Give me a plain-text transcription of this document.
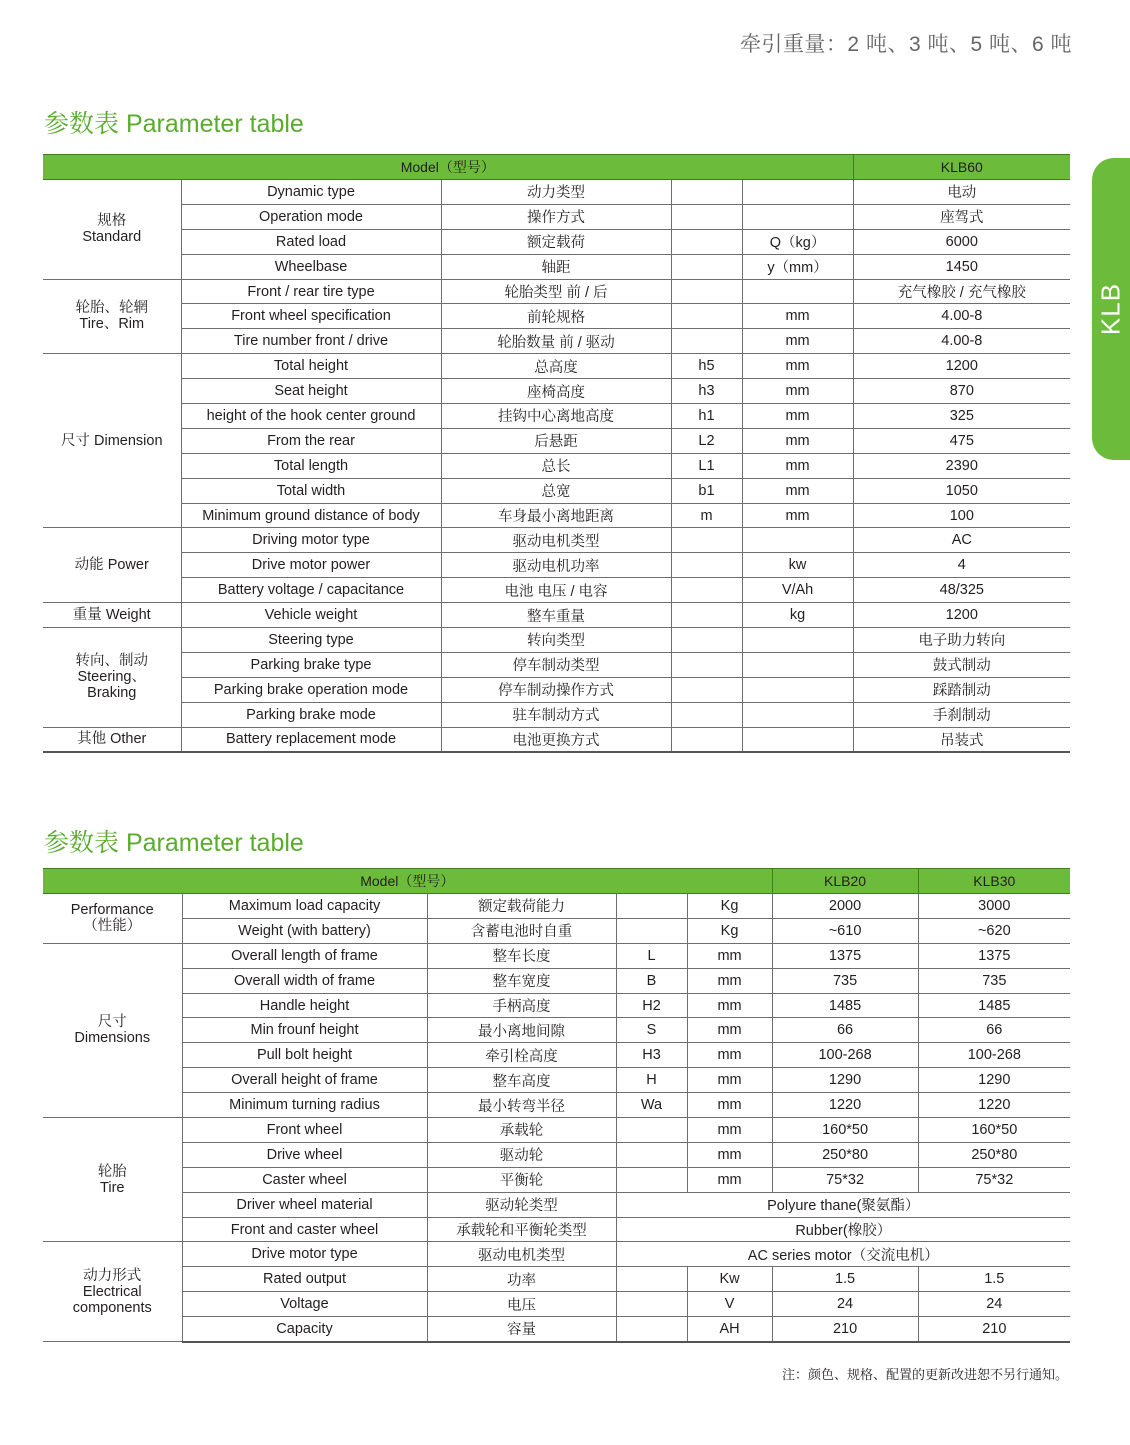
牵引重量：2 吨、3 吨、5 吨、6 吨
参数表 Parameter table
KLB
Model（型号）					KLB60

规格
Standard	Dynamic type	动力类型			电动
	Operation mode	操作方式			座驾式
	Rated load	额定载荷		Q（kg）	6000
	Wheelbase	轴距		y（mm）	1450

轮胎、轮辋
Tire、Rim	Front / rear tire type	轮胎类型 前 / 后			充气橡胶 / 充气橡胶
	Front wheel specification	前轮规格		mm	4.00-8
	Tire number front / drive	轮胎数量 前 / 驱动		mm	4.00-8

尺寸 Dimension	Total height	总高度	h5	mm	1200
	Seat height	座椅高度	h3	mm	870
	height of the hook center ground	挂钩中心离地高度	h1	mm	325
	From the rear	后悬距	L2	mm	475
	Total length	总长	L1	mm	2390
	Total width	总宽	b1	mm	1050
	Minimum ground distance of body	车身最小离地距离	m	mm	100

动能 Power	Driving motor type	驱动电机类型			AC
	Drive motor power	驱动电机功率		kw	4
	Battery voltage / capacitance	电池 电压 / 电容		V/Ah	48/325

重量 Weight	Vehicle weight	整车重量		kg	1200

转向、制动 Steering、
Braking	Steering type	转向类型			电子助力转向
	Parking brake type	停车制动类型			鼓式制动
	Parking brake operation mode	停车制动操作方式			踩踏制动
	Parking brake mode	驻车制动方式			手刹制动

其他 Other	Battery replacement mode	电池更换方式			吊装式
参数表 Parameter table
Model（型号）					KLB20	KLB30

Performance
（性能）	Maximum load capacity	额定载荷能力		Kg	2000	3000
	Weight (with battery)	含蓄电池时自重		Kg	~610	~620

尺寸
Dimensions	Overall length of frame	整车长度	L	mm	1375	1375
	Overall width of frame	整车宽度	B	mm	735	735
	Handle height	手柄高度	H2	mm	1485	1485
	Min frounf height	最小离地间隙	S	mm	66	66
	Pull bolt height	牵引栓高度	H3	mm	100-268	100-268
	Overall height of frame	整车高度	H	mm	1290	1290
	Minimum turning radius	最小转弯半径	Wa	mm	1220	1220

轮胎
Tire	Front wheel	承载轮		mm	160*50	160*50
	Drive wheel	驱动轮		mm	250*80	250*80
	Caster wheel	平衡轮		mm	75*32	75*32
	Driver wheel material	驱动轮类型	Polyure thane(聚氨酯）			
	Front and caster wheel	承载轮和平衡轮类型	Rubber(橡胶）			

动力形式
Electrical
components	Drive motor type	驱动电机类型	AC series motor（交流电机）			
	Rated output	功率		Kw	1.5	1.5
	Voltage	电压		V	24	24
	Capacity	容量		AH	210	210
注：颜色、规格、配置的更新改进恕不另行通知。
